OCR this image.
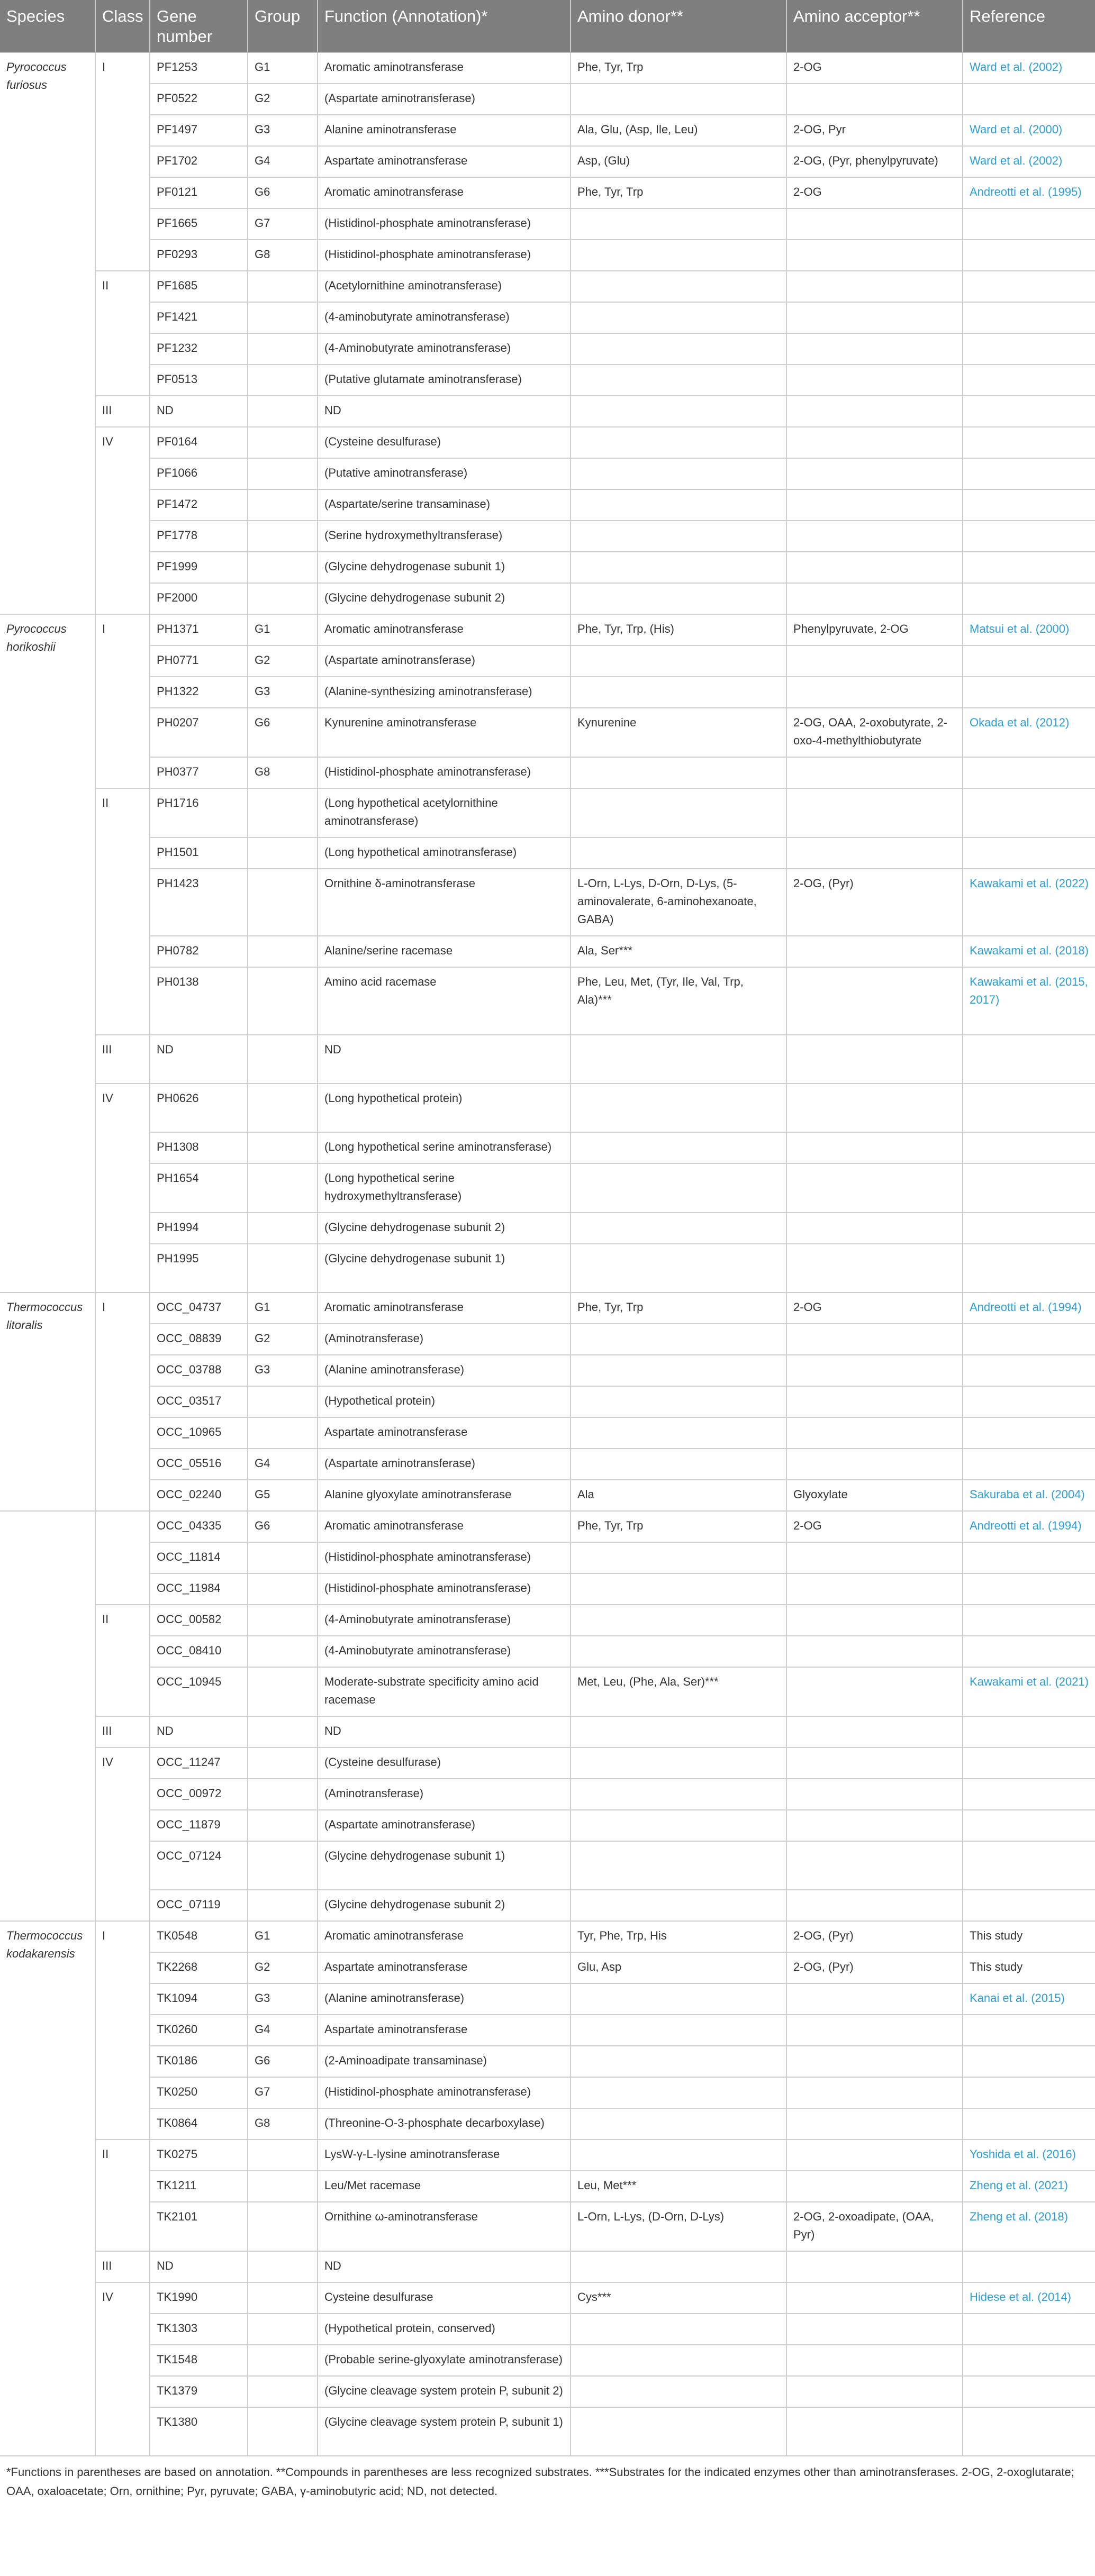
Species	Class	Gene number	Group	Function (Annotation)*	Amino donor**	Amino acceptor**	Reference
Pyrococcus furiosus	I	PF1253	G1	Aromatic aminotransferase	Phe, Tyr, Trp	2-OG	Ward et al. (2002)
		PF0522	G2	(Aspartate aminotransferase)			
		PF1497	G3	Alanine aminotransferase	Ala, Glu, (Asp, Ile, Leu)	2-OG, Pyr	Ward et al. (2000)
		PF1702	G4	Aspartate aminotransferase	Asp, (Glu)	2-OG, (Pyr, phenylpyruvate)	Ward et al. (2002)
		PF0121	G6	Aromatic aminotransferase	Phe, Tyr, Trp	2-OG	Andreotti et al. (1995)
		PF1665	G7	(Histidinol-phosphate aminotransferase)			
		PF0293	G8	(Histidinol-phosphate aminotransferase)			
	II	PF1685		(Acetylornithine aminotransferase)			
		PF1421		(4-aminobutyrate aminotransferase)			
		PF1232		(4-Aminobutyrate aminotransferase)			
		PF0513		(Putative glutamate aminotransferase)			
	III	ND		ND			
	IV	PF0164		(Cysteine desulfurase)			
		PF1066		(Putative aminotransferase)			
		PF1472		(Aspartate/serine transaminase)			
		PF1778		(Serine hydroxymethyltransferase)			
		PF1999		(Glycine dehydrogenase subunit 1)			
		PF2000		(Glycine dehydrogenase subunit 2)			
Pyrococcus horikoshii	I	PH1371	G1	Aromatic aminotransferase	Phe, Tyr, Trp, (His)	Phenylpyruvate, 2-OG	Matsui et al. (2000)
		PH0771	G2	(Aspartate aminotransferase)			
		PH1322	G3	(Alanine-synthesizing aminotransferase)			
		PH0207	G6	Kynurenine aminotransferase	Kynurenine	2-OG, OAA, 2-oxobutyrate, 2-oxo-4-methylthiobutyrate	Okada et al. (2012)
		PH0377	G8	(Histidinol-phosphate aminotransferase)			
	II	PH1716		(Long hypothetical acetylornithine aminotransferase)			
		PH1501		(Long hypothetical aminotransferase)			
		PH1423		Ornithine δ-aminotransferase	L-Orn, L-Lys, D-Orn, D-Lys, (5-aminovalerate, 6-aminohexanoate, GABA)	2-OG, (Pyr)	Kawakami et al. (2022)
		PH0782		Alanine/serine racemase	Ala, Ser***		Kawakami et al. (2018)
		PH0138		Amino acid racemase	Phe, Leu, Met, (Tyr, Ile, Val, Trp, Ala)***		Kawakami et al. (2015, 2017)
	III	ND		ND			
	IV	PH0626		(Long hypothetical protein)			
		PH1308		(Long hypothetical serine aminotransferase)			
		PH1654		(Long hypothetical serine hydroxymethyltransferase)			
		PH1994		(Glycine dehydrogenase subunit 2)			
		PH1995		(Glycine dehydrogenase subunit 1)			
Thermococcus litoralis	I	OCC_04737	G1	Aromatic aminotransferase	Phe, Tyr, Trp	2-OG	Andreotti et al. (1994)
		OCC_08839	G2	(Aminotransferase)			
		OCC_03788	G3	(Alanine aminotransferase)			
		OCC_03517		(Hypothetical protein)			
		OCC_10965		Aspartate aminotransferase			
		OCC_05516	G4	(Aspartate aminotransferase)			
		OCC_02240	G5	Alanine glyoxylate aminotransferase	Ala	Glyoxylate	Sakuraba et al. (2004)
		OCC_04335	G6	Aromatic aminotransferase	Phe, Tyr, Trp	2-OG	Andreotti et al. (1994)
		OCC_11814		(Histidinol-phosphate aminotransferase)			
		OCC_11984		(Histidinol-phosphate aminotransferase)			
	II	OCC_00582		(4-Aminobutyrate aminotransferase)			
		OCC_08410		(4-Aminobutyrate aminotransferase)			
		OCC_10945		Moderate-substrate specificity amino acid racemase	Met, Leu, (Phe, Ala, Ser)***		Kawakami et al. (2021)
	III	ND		ND			
	IV	OCC_11247		(Cysteine desulfurase)			
		OCC_00972		(Aminotransferase)			
		OCC_11879		(Aspartate aminotransferase)			
		OCC_07124		(Glycine dehydrogenase subunit 1)			
		OCC_07119		(Glycine dehydrogenase subunit 2)			
Thermococcus kodakarensis	I	TK0548	G1	Aromatic aminotransferase	Tyr, Phe, Trp, His	2-OG, (Pyr)	This study
		TK2268	G2	Aspartate aminotransferase	Glu, Asp	2-OG, (Pyr)	This study
		TK1094	G3	(Alanine aminotransferase)			Kanai et al. (2015)
		TK0260	G4	Aspartate aminotransferase			
		TK0186	G6	(2-Aminoadipate transaminase)			
		TK0250	G7	(Histidinol-phosphate aminotransferase)			
		TK0864	G8	(Threonine-O-3-phosphate decarboxylase)			
	II	TK0275		LysW-γ-L-lysine aminotransferase			Yoshida et al. (2016)
		TK1211		Leu/Met racemase	Leu, Met***		Zheng et al. (2021)
		TK2101		Ornithine ω-aminotransferase	L-Orn, L-Lys, (D-Orn, D-Lys)	2-OG, 2-oxoadipate, (OAA, Pyr)	Zheng et al. (2018)
	III	ND		ND			
	IV	TK1990		Cysteine desulfurase	Cys***		Hidese et al. (2014)
		TK1303		(Hypothetical protein, conserved)			
		TK1548		(Probable serine-glyoxylate aminotransferase)			
		TK1379		(Glycine cleavage system protein P, subunit 2)			
		TK1380		(Glycine cleavage system protein P, subunit 1)			
*Functions in parentheses are based on annotation. **Compounds in parentheses are less recognized substrates. ***Substrates for the indicated enzymes other than aminotransferases. 2-OG, 2-oxoglutarate; OAA, oxaloacetate; Orn, ornithine; Pyr, pyruvate; GABA, γ-aminobutyric acid; ND, not detected.
